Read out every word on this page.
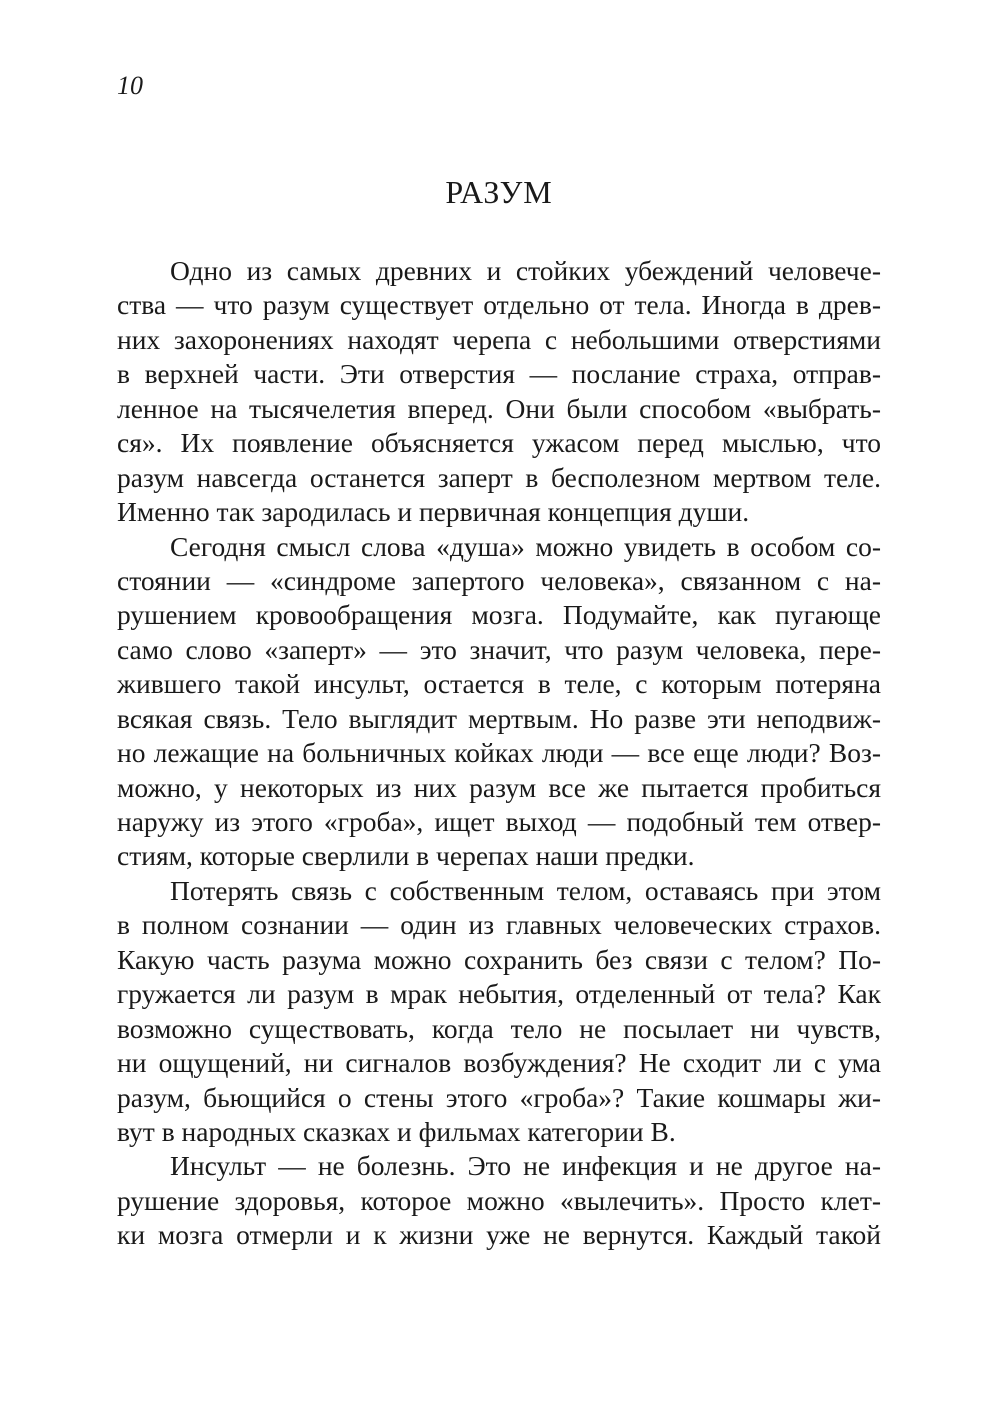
10
РАЗУМ

Одно из самых древних и стойких убеждений человече-
ства — что разум существует отдельно от тела. Иногда в древ-
них захоронениях находят черепа с небольшими отверстиями
в верхней части. Эти отверстия — послание страха, отправ-
ленное на тысячелетия вперед. Они были способом «выбрать-
ся». Их появление объясняется ужасом перед мыслью, что
разум навсегда останется заперт в бесполезном мертвом теле.
Именно так зародилась и первичная концепция души.

Сегодня смысл слова «душа» можно увидеть в особом со-
стоянии — «синдроме запертого человека», связанном с на-
рушением кровообращения мозга. Подумайте, как пугающе
само слово «заперт» — это значит, что разум человека, пере-
жившего такой инсульт, остается в теле, с которым потеряна
всякая связь. Тело выглядит мертвым. Но разве эти неподвиж-
но лежащие на больничных койках люди — все еще люди? Воз-
можно, у некоторых из них разум все же пытается пробиться
наружу из этого «гроба», ищет выход — подобный тем отвер-
стиям, которые сверлили в черепах наши предки.

Потерять связь с собственным телом, оставаясь при этом
в полном сознании — один из главных человеческих страхов.
Какую часть разума можно сохранить без связи с телом? По-
гружается ли разум в мрак небытия, отделенный от тела? Как
возможно существовать, когда тело не посылает ни чувств,
ни ощущений, ни сигналов возбуждения? Не сходит ли с ума
разум, бьющийся о стены этого «гроба»? Такие кошмары жи-
вут в народных сказках и фильмах категории B.

Инсульт — не болезнь. Это не инфекция и не другое на-
рушение здоровья, которое можно «вылечить». Просто клет-
ки мозга отмерли и к жизни уже не вернутся. Каждый такой
